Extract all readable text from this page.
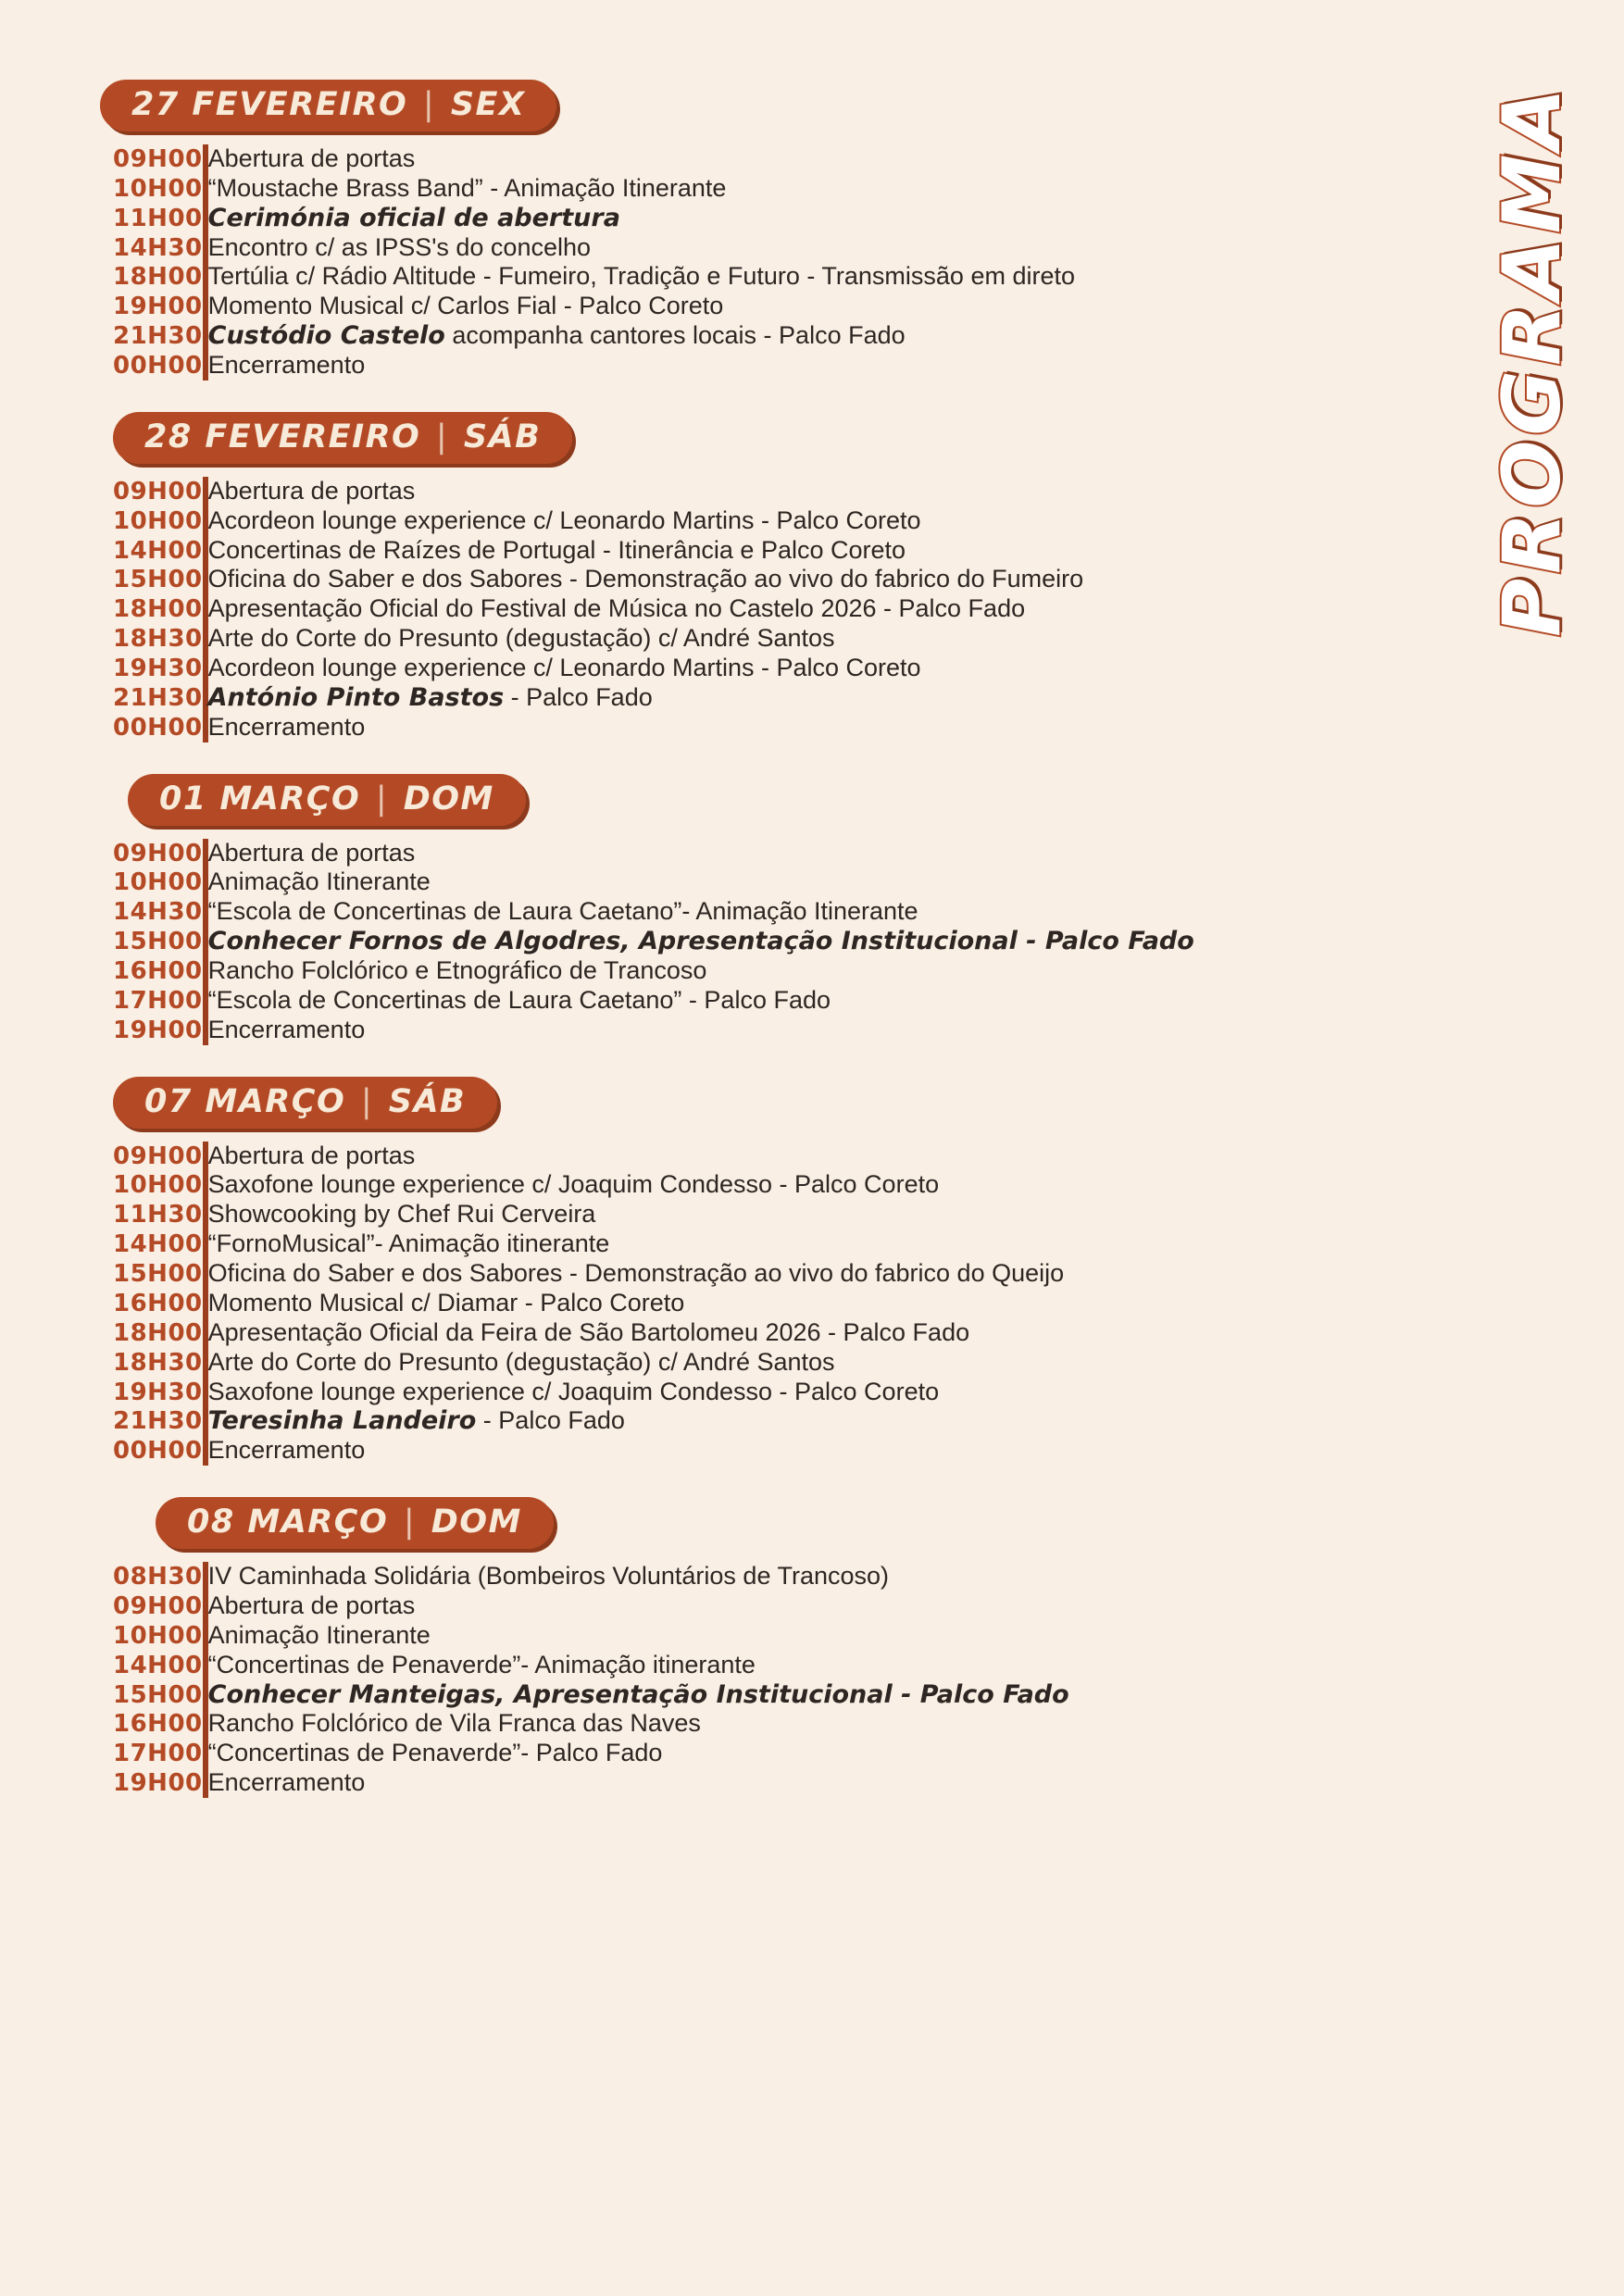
PROGRAMA
27 FEVEREIRO | SEX
09H00	Abertura de portas
10H00	“Moustache Brass Band” - Animação Itinerante
11H00	Cerimónia oficial de abertura
14H30	Encontro c/ as IPSS's do concelho
18H00	Tertúlia c/ Rádio Altitude - Fumeiro, Tradição e Futuro - Transmissão em direto
19H00	Momento Musical c/ Carlos Fial - Palco Coreto
21H30	Custódio Castelo acompanha cantores locais - Palco Fado
00H00	Encerramento
28 FEVEREIRO | SÁB
09H00	Abertura de portas
10H00	Acordeon lounge experience c/ Leonardo Martins - Palco Coreto
14H00	Concertinas de Raízes de Portugal - Itinerância e Palco Coreto
15H00	Oficina do Saber e dos Sabores - Demonstração ao vivo do fabrico do Fumeiro
18H00	Apresentação Oficial do Festival de Música no Castelo 2026 - Palco Fado
18H30	Arte do Corte do Presunto (degustação) c/ André Santos
19H30	Acordeon lounge experience c/ Leonardo Martins - Palco Coreto
21H30	António Pinto Bastos - Palco Fado
00H00	Encerramento
01 MARÇO | DOM
09H00	Abertura de portas
10H00	Animação Itinerante
14H30	“Escola de Concertinas de Laura Caetano”- Animação Itinerante
15H00	Conhecer Fornos de Algodres, Apresentação Institucional - Palco Fado
16H00	Rancho Folclórico e Etnográfico de Trancoso
17H00	“Escola de Concertinas de Laura Caetano” - Palco Fado
19H00	Encerramento
07 MARÇO | SÁB
09H00	Abertura de portas
10H00	Saxofone lounge experience c/ Joaquim Condesso - Palco Coreto
11H30	Showcooking by Chef Rui Cerveira
14H00	“FornoMusical”- Animação itinerante
15H00	Oficina do Saber e dos Sabores - Demonstração ao vivo do fabrico do Queijo
16H00	Momento Musical c/ Diamar - Palco Coreto
18H00	Apresentação Oficial da Feira de São Bartolomeu 2026 - Palco Fado
18H30	Arte do Corte do Presunto (degustação) c/ André Santos
19H30	Saxofone lounge experience c/ Joaquim Condesso - Palco Coreto
21H30	Teresinha Landeiro - Palco Fado
00H00	Encerramento
08 MARÇO | DOM
08H30	IV Caminhada Solidária (Bombeiros Voluntários de Trancoso)
09H00	Abertura de portas
10H00	Animação Itinerante
14H00	“Concertinas de Penaverde”- Animação itinerante
15H00	Conhecer Manteigas, Apresentação Institucional - Palco Fado
16H00	Rancho Folclórico de Vila Franca das Naves
17H00	“Concertinas de Penaverde”- Palco Fado
19H00	Encerramento
